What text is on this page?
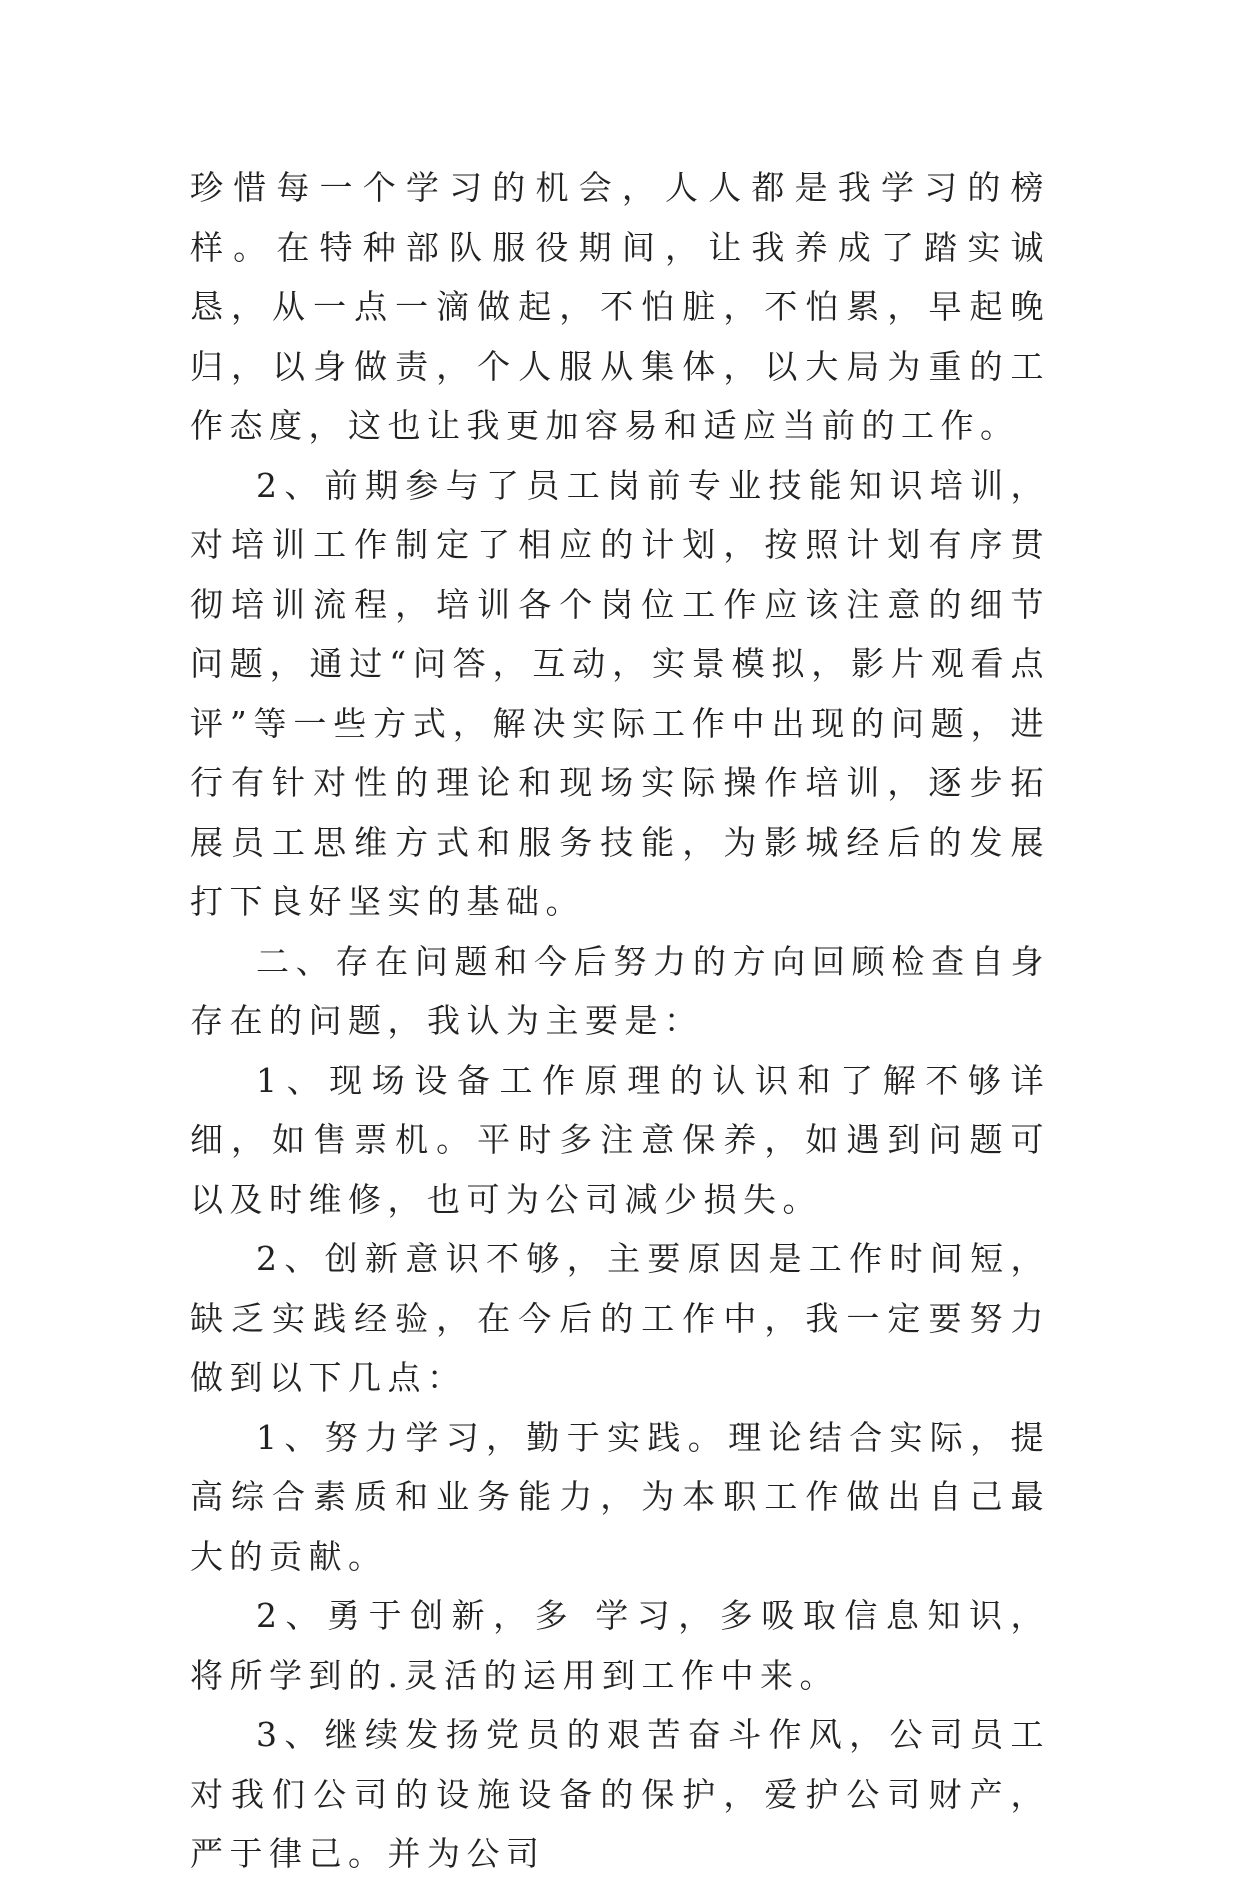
珍惜每一个学习的机会，人人都是我学习的榜样。在特种部队服役期间，让我养成了踏实诚恳，从一点一滴做起，不怕脏，不怕累，早起晚归，以身做责，个人服从集体，以大局为重的工作态度，这也让我更加容易和适应当前的工作。

2、前期参与了员工岗前专业技能知识培训，对培训工作制定了相应的计划，按照计划有序贯彻培训流程，培训各个岗位工作应该注意的细节问题，通过“问答，互动，实景模拟，影片观看点评”等一些方式，解决实际工作中出现的问题，进行有针对性的理论和现场实际操作培训，逐步拓展员工思维方式和服务技能，为影城经后的发展打下良好坚实的基础。

二、存在问题和今后努力的方向回顾检查自身存在的问题，我认为主要是：

1、现场设备工作原理的认识和了解不够详细，如售票机。平时多注意保养，如遇到问题可以及时维修，也可为公司减少损失。

2、创新意识不够，主要原因是工作时间短，缺乏实践经验，在今后的工作中，我一定要努力做到以下几点：

1、努力学习，勤于实践。理论结合实际，提高综合素质和业务能力，为本职工作做出自己最大的贡献。

2、勇于创新，多 学习，多吸取信息知识，将所学到的.灵活的运用到工作中来。

3、继续发扬党员的艰苦奋斗作风，公司员工对我们公司的设施设备的保护，爱护公司财产，严于律己。并为公司
